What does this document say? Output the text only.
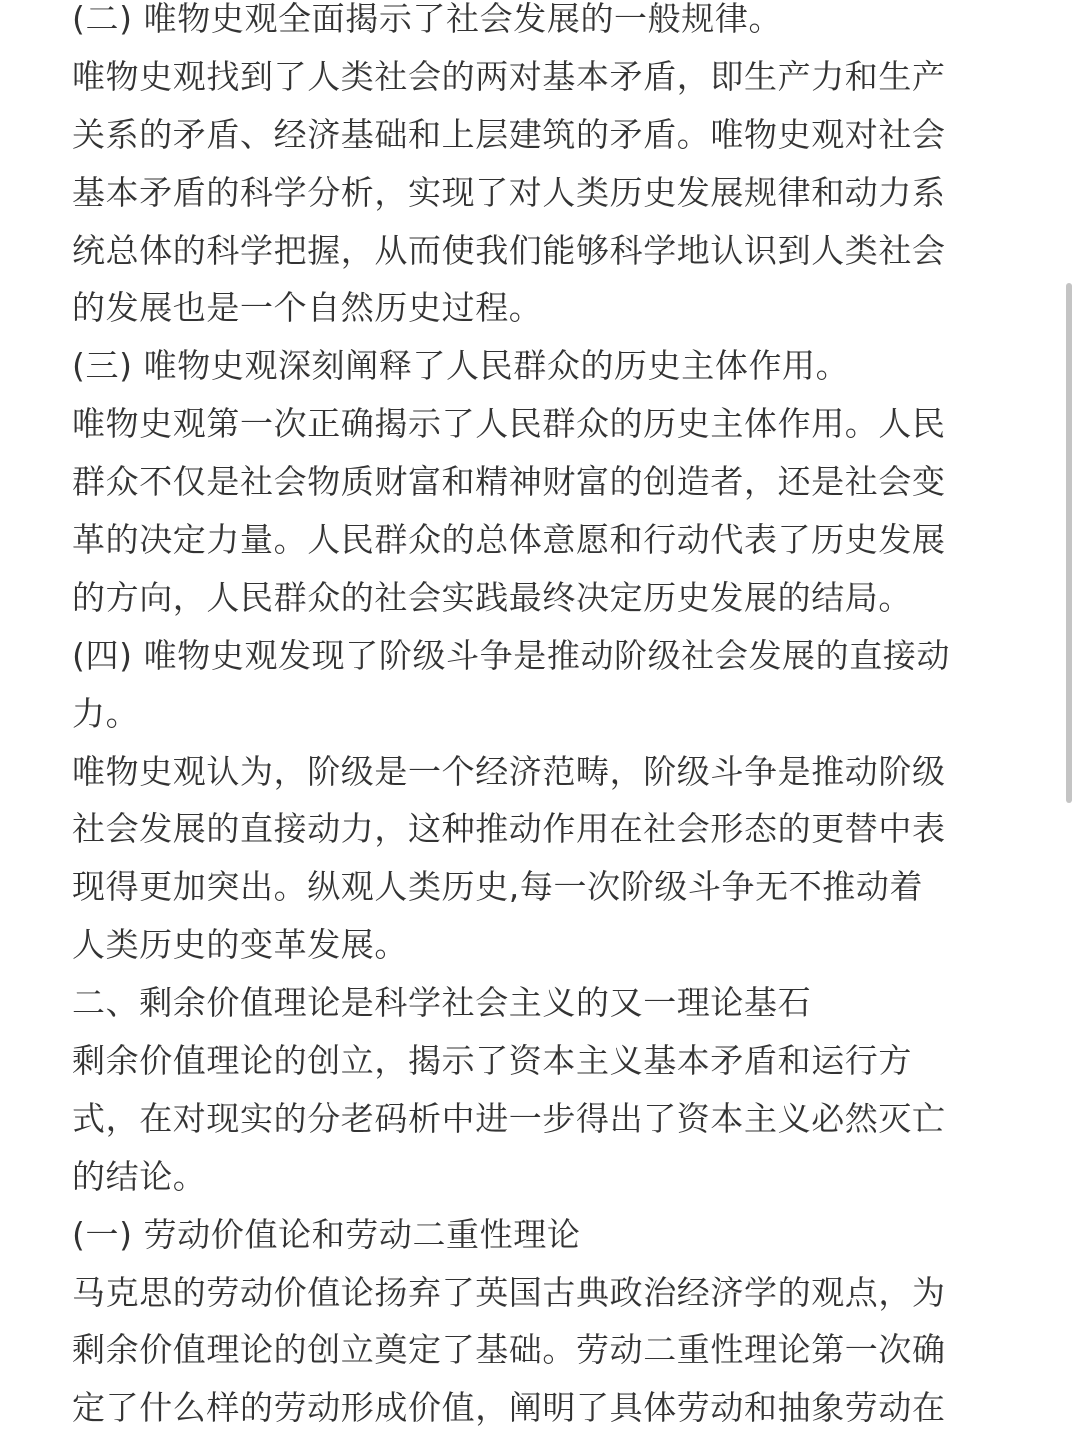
(二) 唯物史观全面揭示了社会发展的一般规律。
唯物史观找到了人类社会的两对基本矛盾，即生产力和生产
关系的矛盾、经济基础和上层建筑的矛盾。唯物史观对社会
基本矛盾的科学分析，实现了对人类历史发展规律和动力系
统总体的科学把握，从而使我们能够科学地认识到人类社会
的发展也是一个自然历史过程。
(三) 唯物史观深刻阐释了人民群众的历史主体作用。
唯物史观第一次正确揭示了人民群众的历史主体作用。人民
群众不仅是社会物质财富和精神财富的创造者，还是社会变
革的决定力量。人民群众的总体意愿和行动代表了历史发展
的方向，人民群众的社会实践最终决定历史发展的结局。
(四) 唯物史观发现了阶级斗争是推动阶级社会发展的直接动
力。
唯物史观认为，阶级是一个经济范畴，阶级斗争是推动阶级
社会发展的直接动力，这种推动作用在社会形态的更替中表
现得更加突出。纵观人类历史,每一次阶级斗争无不推动着
人类历史的变革发展。
二、剩余价值理论是科学社会主义的又一理论基石
剩余价值理论的创立，揭示了资本主义基本矛盾和运行方
式，在对现实的分老码析中进一步得出了资本主义必然灭亡
的结论。
(一) 劳动价值论和劳动二重性理论
马克思的劳动价值论扬弃了英国古典政治经济学的观点，为
剩余价值理论的创立奠定了基础。劳动二重性理论第一次确
定了什么样的劳动形成价值，阐明了具体劳动和抽象劳动在
